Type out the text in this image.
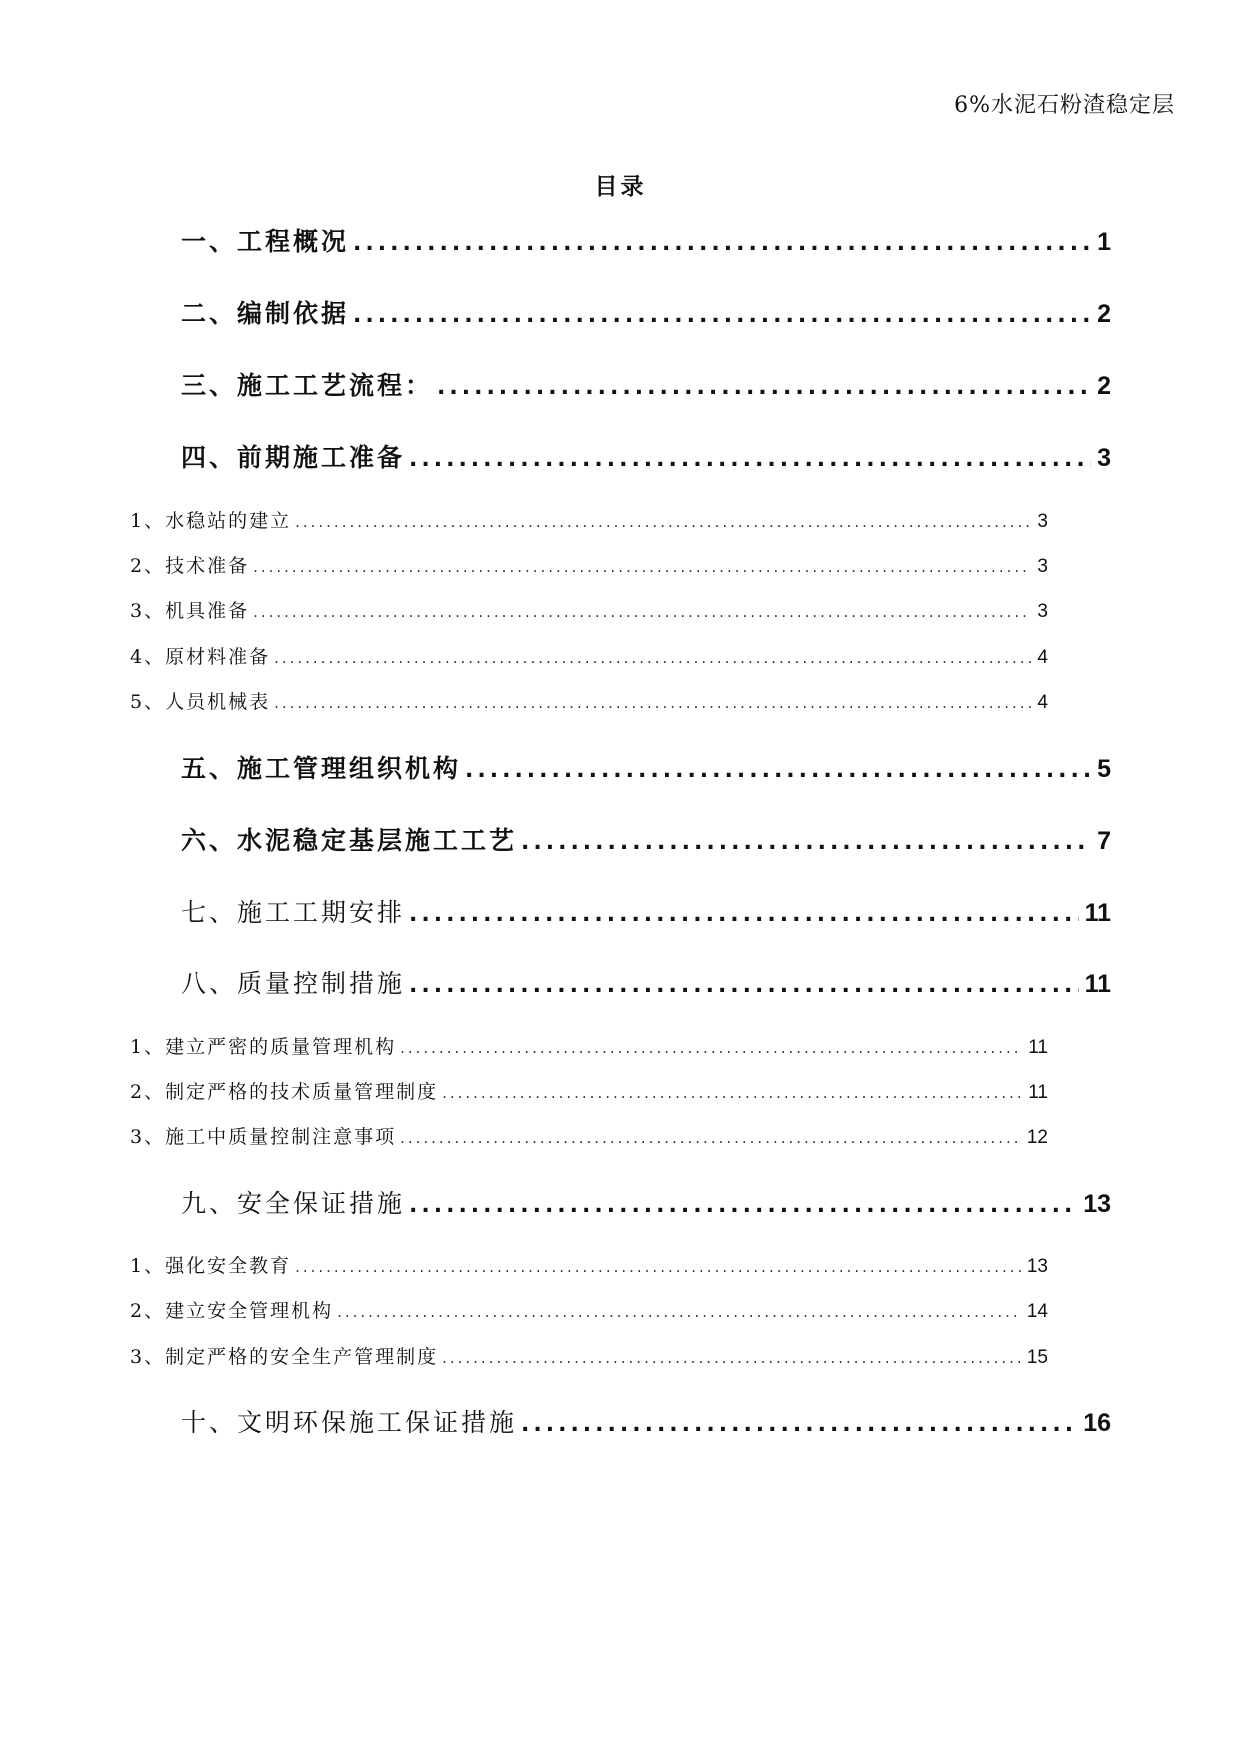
6%水泥石粉渣稳定层
目录
一、工程概况 .....	1
二、编制依据 .....	2
三、施工工艺流程： .....	2
四、前期施工准备 .....	3
1、水稳站的建立 .....	3
2、技术准备 .....	3
3、机具准备 .....	3
4、原材料准备 .....	4
5、人员机械表 .....	4
五、施工管理组织机构 .....	5
六、水泥稳定基层施工工艺 .....	7
七、施工工期安排 .....	11
八、质量控制措施 .....	11
1、建立严密的质量管理机构 .....	11
2、制定严格的技术质量管理制度 .....	11
3、施工中质量控制注意事项 .....	12
九、安全保证措施 .....	13
1、强化安全教育 .....	13
2、建立安全管理机构 .....	14
3、制定严格的安全生产管理制度 .....	15
十、文明环保施工保证措施 .....	16
